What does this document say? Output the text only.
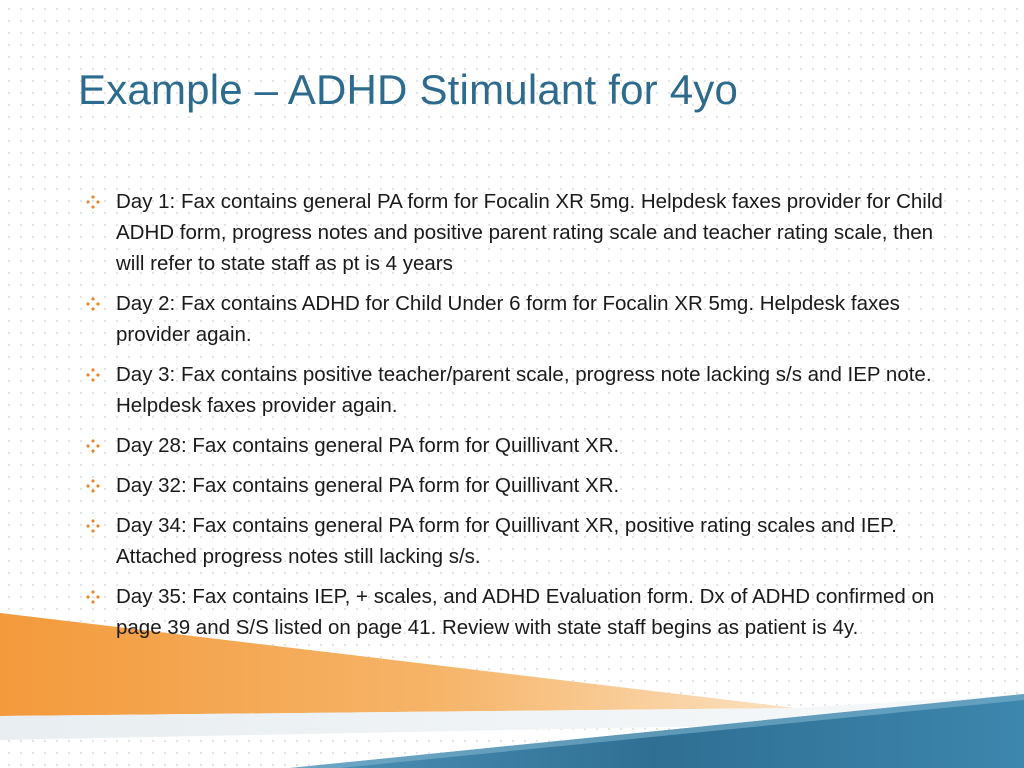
Example – ADHD Stimulant for 4yo
Day 1: Fax contains general PA form for Focalin XR 5mg. Helpdesk faxes provider for Child ADHD form, progress notes and positive parent rating scale and teacher rating scale, then will refer to state staff as pt is 4 years
Day 2: Fax contains ADHD for Child Under 6 form for Focalin XR 5mg. Helpdesk faxes provider again.
Day 3: Fax contains positive teacher/parent scale, progress note lacking s/s and IEP note. Helpdesk faxes provider again.
Day 28: Fax contains general PA form for Quillivant XR.
Day 32: Fax contains general PA form for Quillivant XR.
Day 34: Fax contains general PA form for Quillivant XR, positive rating scales and IEP. Attached progress notes still lacking s/s.
Day 35: Fax contains IEP, + scales, and ADHD Evaluation form. Dx of ADHD confirmed on page 39 and S/S listed on page 41. Review with state staff begins as patient is 4y.
